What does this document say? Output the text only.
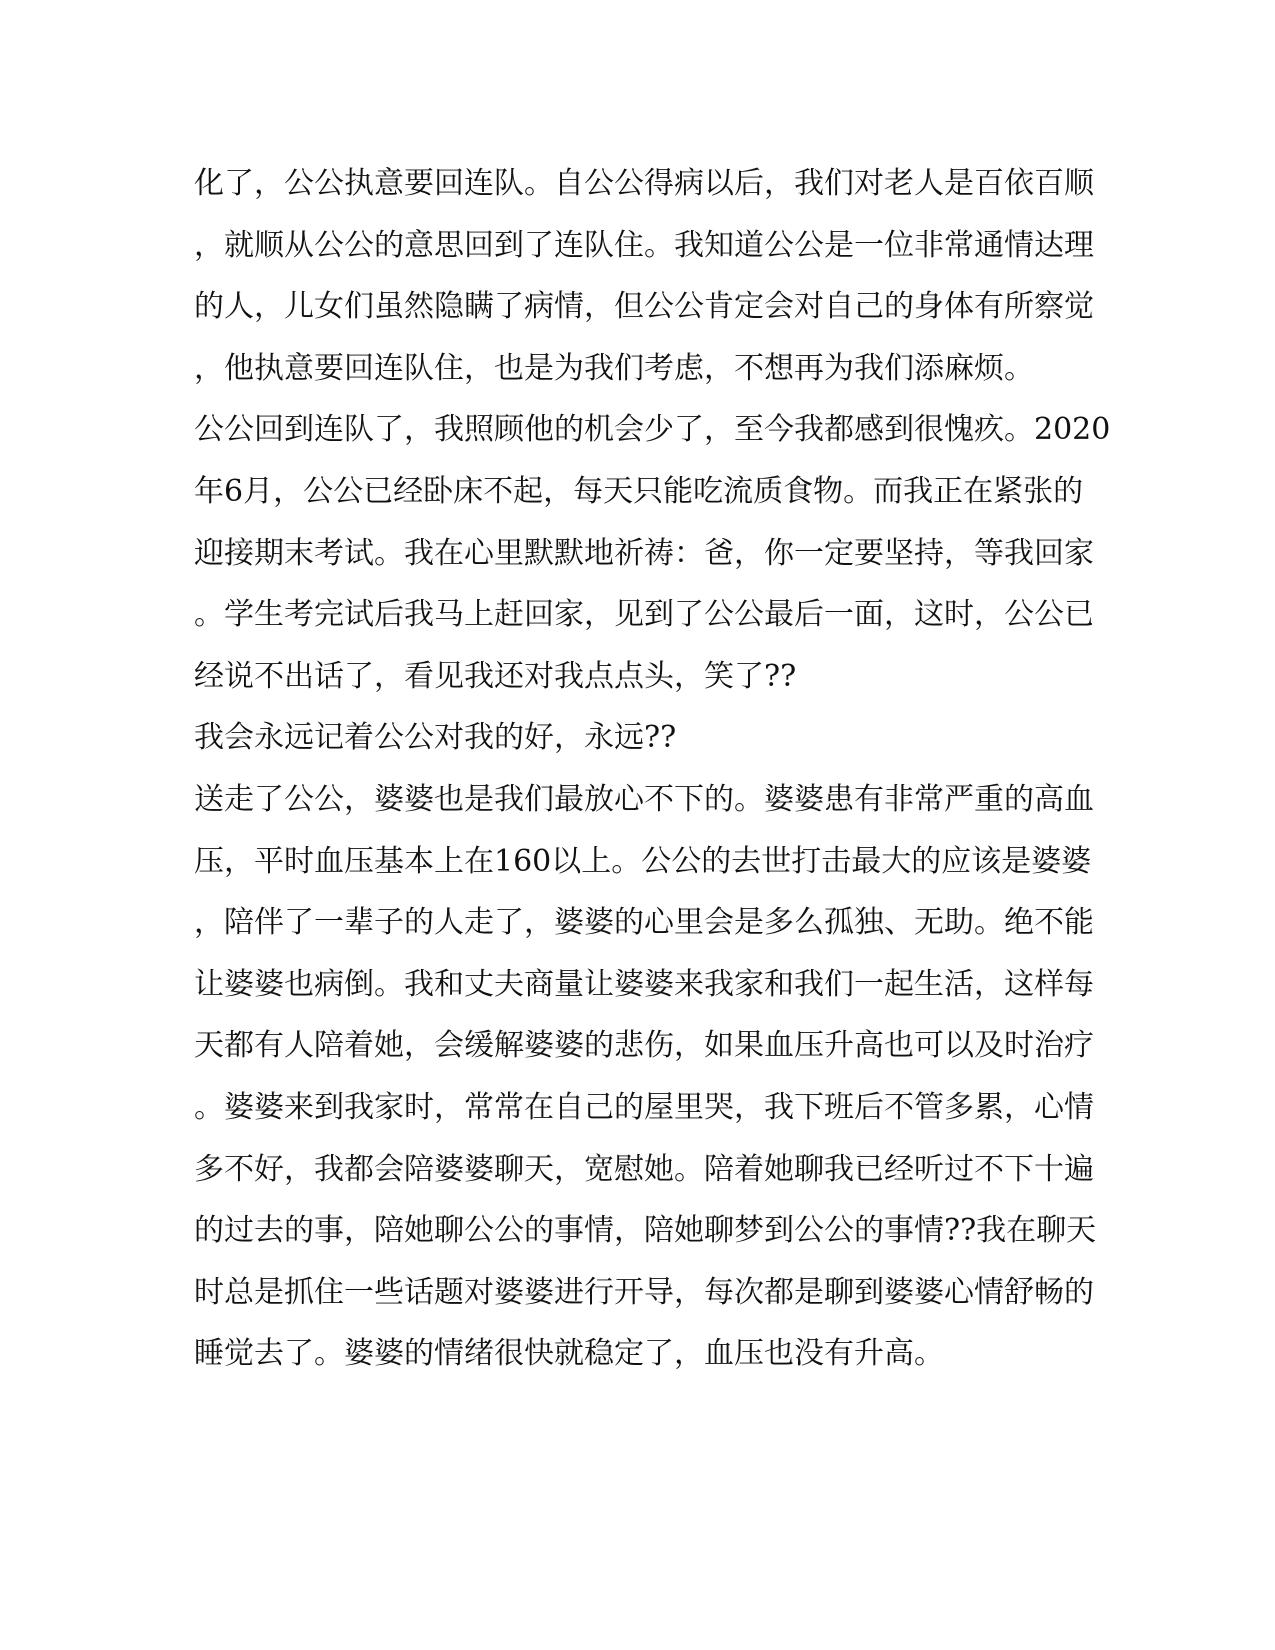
化了，公公执意要回连队。自公公得病以后，我们对老人是百依百顺
，就顺从公公的意思回到了连队住。我知道公公是一位非常通情达理
的人，儿女们虽然隐瞒了病情，但公公肯定会对自己的身体有所察觉
，他执意要回连队住，也是为我们考虑，不想再为我们添麻烦。
公公回到连队了，我照顾他的机会少了，至今我都感到很愧疚。2020
年6月，公公已经卧床不起，每天只能吃流质食物。而我正在紧张的
迎接期末考试。我在心里默默地祈祷：爸，你一定要坚持，等我回家
。学生考完试后我马上赶回家，见到了公公最后一面，这时，公公已
经说不出话了，看见我还对我点点头，笑了??
我会永远记着公公对我的好，永远??
送走了公公，婆婆也是我们最放心不下的。婆婆患有非常严重的高血
压，平时血压基本上在160以上。公公的去世打击最大的应该是婆婆
，陪伴了一辈子的人走了，婆婆的心里会是多么孤独、无助。绝不能
让婆婆也病倒。我和丈夫商量让婆婆来我家和我们一起生活，这样每
天都有人陪着她，会缓解婆婆的悲伤，如果血压升高也可以及时治疗
。婆婆来到我家时，常常在自己的屋里哭，我下班后不管多累，心情
多不好，我都会陪婆婆聊天，宽慰她。陪着她聊我已经听过不下十遍
的过去的事，陪她聊公公的事情，陪她聊梦到公公的事情??我在聊天
时总是抓住一些话题对婆婆进行开导，每次都是聊到婆婆心情舒畅的
睡觉去了。婆婆的情绪很快就稳定了，血压也没有升高。
